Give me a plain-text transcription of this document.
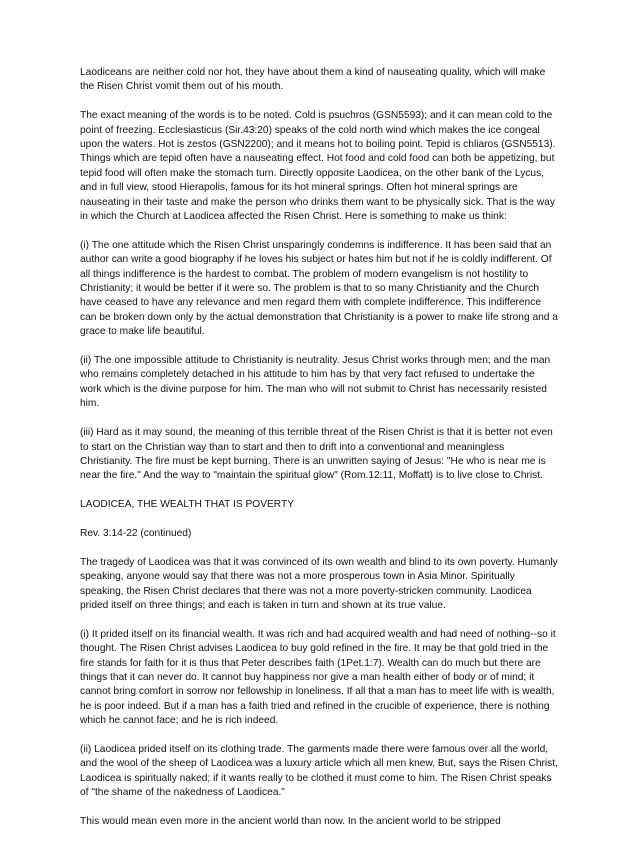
Laodiceans are neither cold nor hot, they have about them a kind of nauseating quality, which will make the Risen Christ vomit them out of his mouth.

The exact meaning of the words is to be noted. Cold is psuchros (GSN5593); and it can mean cold to the point of freezing. Ecclesiasticus (Sir.43:20) speaks of the cold north wind which makes the ice congeal upon the waters. Hot is zestos (GSN2200); and it means hot to boiling point. Tepid is chliaros (GSN5513). Things which are tepid often have a nauseating effect. Hot food and cold food can both be appetizing, but tepid food will often make the stomach turn. Directly opposite Laodicea, on the other bank of the Lycus, and in full view, stood Hierapolis, famous for its hot mineral springs. Often hot mineral springs are nauseating in their taste and make the person who drinks them want to be physically sick. That is the way in which the Church at Laodicea affected the Risen Christ. Here is something to make us think:

(i) The one attitude which the Risen Christ unsparingly condemns is indifference. It has been said that an author can write a good biography if he loves his subject or hates him but not if he is coldly indifferent. Of all things indifference is the hardest to combat. The problem of modern evangelism is not hostility to Christianity; it would be better if it were so. The problem is that to so many Christianity and the Church have ceased to have any relevance and men regard them with complete indifference. This indifference can be broken down only by the actual demonstration that Christianity is a power to make life strong and a grace to make life beautiful.

(ii) The one impossible attitude to Christianity is neutrality. Jesus Christ works through men; and the man who remains completely detached in his attitude to him has by that very fact refused to undertake the work which is the divine purpose for him. The man who will not submit to Christ has necessarily resisted him.

(iii) Hard as it may sound, the meaning of this terrible threat of the Risen Christ is that it is better not even to start on the Christian way than to start and then to drift into a conventional and meaningless Christianity. The fire must be kept burning. There is an unwritten saying of Jesus: "He who is near me is near the fire." And the way to "maintain the spiritual glow" (Rom.12:11, Moffatt) is to live close to Christ.

LAODICEA, THE WEALTH THAT IS POVERTY

Rev. 3:14-22 (continued)

The tragedy of Laodicea was that it was convinced of its own wealth and blind to its own poverty. Humanly speaking, anyone would say that there was not a more prosperous town in Asia Minor. Spiritually speaking, the Risen Christ declares that there was not a more poverty-stricken community. Laodicea prided itself on three things; and each is taken in turn and shown at its true value.

(i) It prided itself on its financial wealth. It was rich and had acquired wealth and had need of nothing--so it thought. The Risen Christ advises Laodicea to buy gold refined in the fire. It may be that gold tried in the fire stands for faith for it is thus that Peter describes faith (1Pet.1:7). Wealth can do much but there are things that it can never do. It cannot buy happiness nor give a man health either of body or of mind; it cannot bring comfort in sorrow nor fellowship in loneliness. If all that a man has to meet life with is wealth, he is poor indeed. But if a man has a faith tried and refined in the crucible of experience, there is nothing which he cannot face; and he is rich indeed.

(ii) Laodicea prided itself on its clothing trade. The garments made there were famous over all the world, and the wool of the sheep of Laodicea was a luxury article which all men knew, But, says the Risen Christ, Laodicea is spiritually naked; if it wants really to be clothed it must come to him. The Risen Christ speaks of "the shame of the nakedness of Laodicea."

This would mean even more in the ancient world than now. In the ancient world to be stripped
